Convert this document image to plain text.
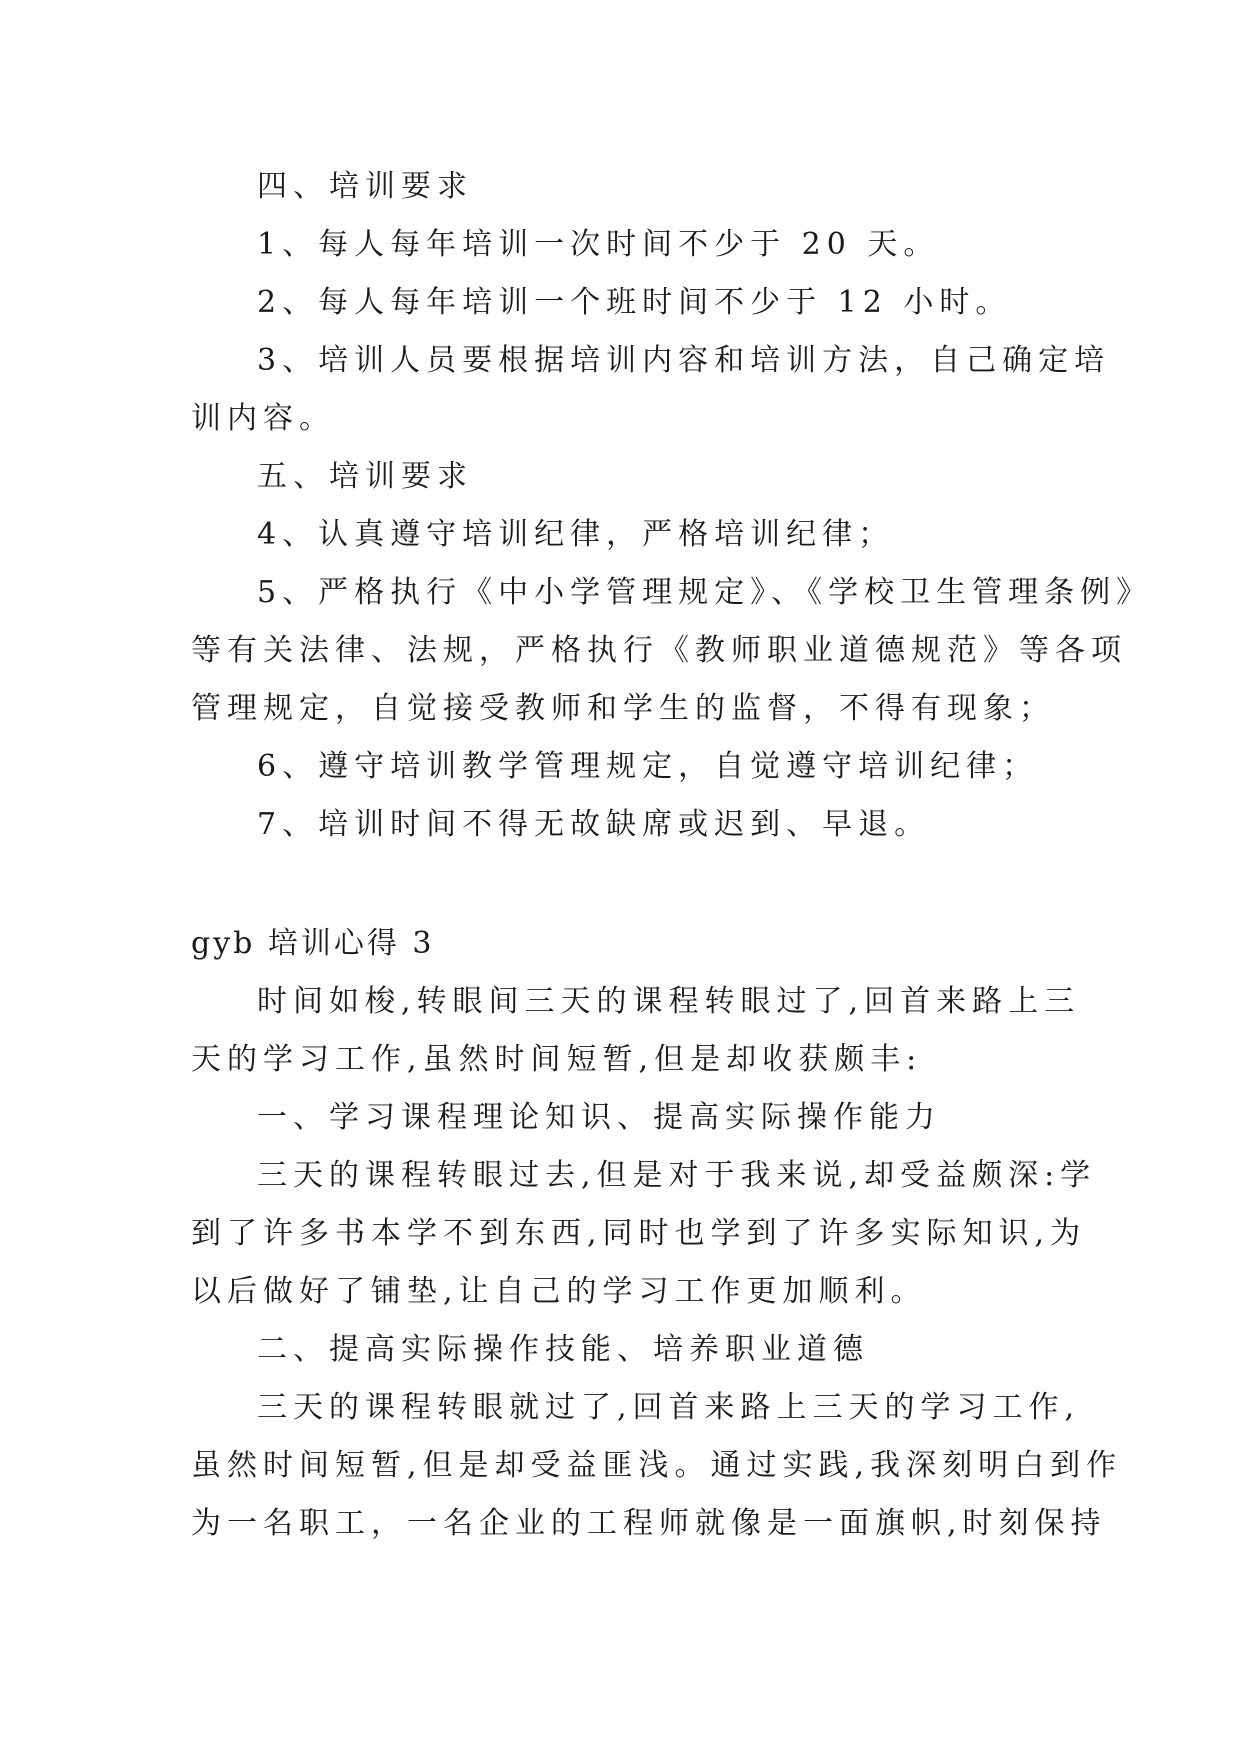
四、培训要求
1、每人每年培训一次时间不少于 20 天。
2、每人每年培训一个班时间不少于 12 小时。
3、培训人员要根据培训内容和培训方法，自己确定培
训内容。
五、培训要求
4、认真遵守培训纪律，严格培训纪律；
5、严格执行《中小学管理规定》、《学校卫生管理条例》
等有关法律、法规，严格执行《教师职业道德规范》等各项
管理规定，自觉接受教师和学生的监督，不得有现象；
6、遵守培训教学管理规定，自觉遵守培训纪律；
7、培训时间不得无故缺席或迟到、早退。
gyb 培训心得 3
时间如梭,转眼间三天的课程转眼过了,回首来路上三
天的学习工作,虽然时间短暂,但是却收获颇丰:
一、学习课程理论知识、提高实际操作能力
三天的课程转眼过去,但是对于我来说,却受益颇深:学
到了许多书本学不到东西,同时也学到了许多实际知识,为
以后做好了铺垫,让自己的学习工作更加顺利。
二、提高实际操作技能、培养职业道德
三天的课程转眼就过了,回首来路上三天的学习工作,
虽然时间短暂,但是却受益匪浅。通过实践,我深刻明白到作
为一名职工，一名企业的工程师就像是一面旗帜,时刻保持
